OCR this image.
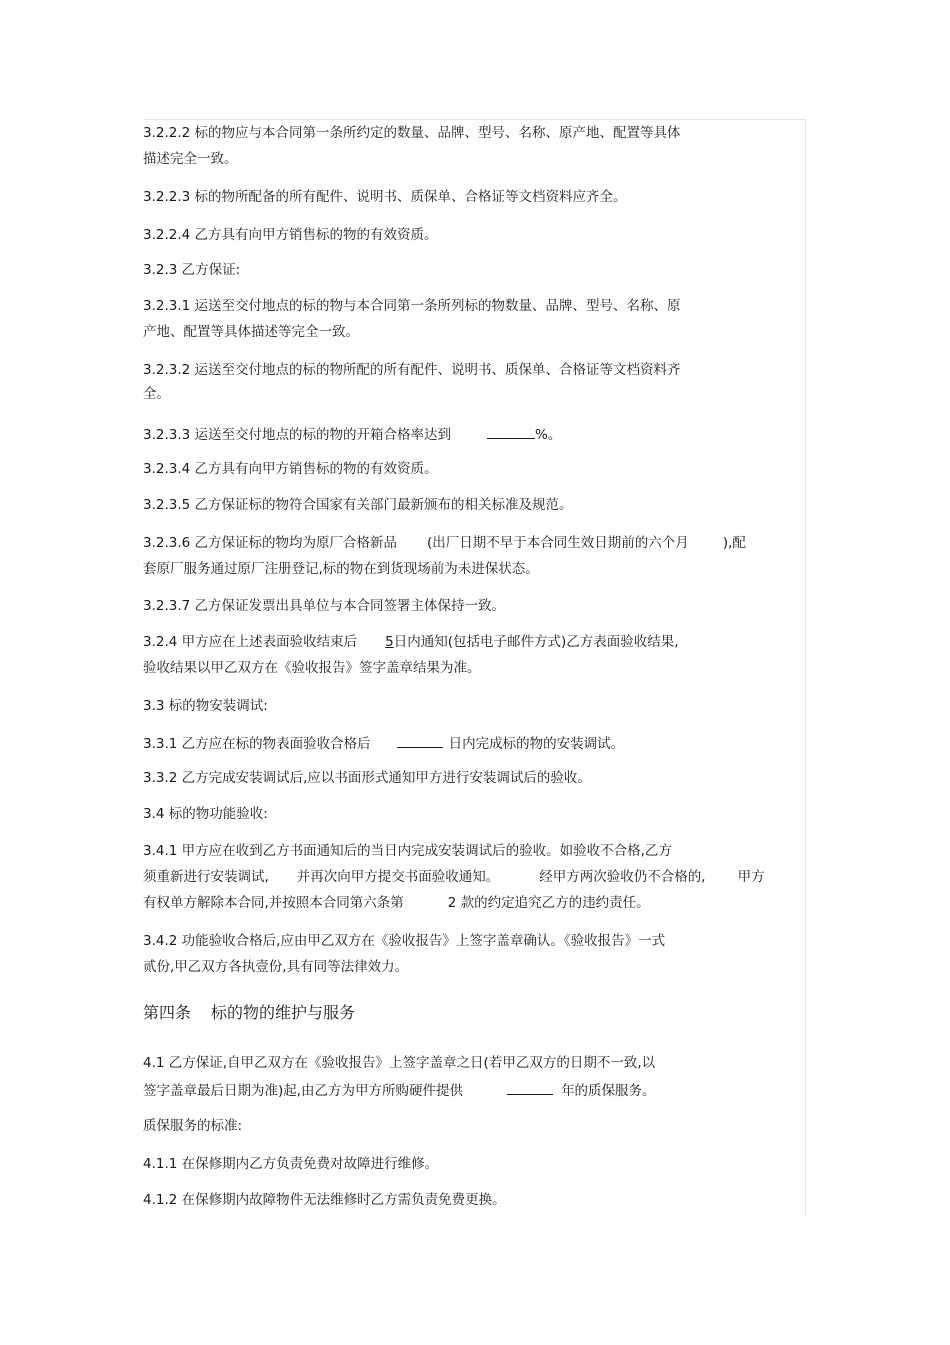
3.2.2.2 标的物应与本合同第一条所约定的数量、品牌、型号、名称、原产地、配置等具体
描述完全一致。
3.2.2.3 标的物所配备的所有配件、说明书、质保单、合格证等文档资料应齐全。
3.2.2.4 乙方具有向甲方销售标的物的有效资质。
3.2.3 乙方保证:
3.2.3.1 运送至交付地点的标的物与本合同第一条所列标的物数量、品牌、型号、名称、原
产地、配置等具体描述等完全一致。
3.2.3.2 运送至交付地点的标的物所配的所有配件、说明书、质保单、合格证等文档资料齐
全。
3.2.3.3 运送至交付地点的标的物的开箱合格率达到	%。
3.2.3.4 乙方具有向甲方销售标的物的有效资质。
3.2.3.5 乙方保证标的物符合国家有关部门最新颁布的相关标准及规范。
3.2.3.6 乙方保证标的物均为原厂合格新品 (出厂日期不早于本合同生效日期前的六个月	),配
套原厂服务通过原厂注册登记,标的物在到货现场前为未进保状态。
3.2.3.7 乙方保证发票出具单位与本合同签署主体保持一致。
3.2.4 甲方应在上述表面验收结束后 5日内通知(包括电子邮件方式)乙方表面验收结果,
验收结果以甲乙双方在《验收报告》签字盖章结果为准。
3.3 标的物安装调试:
3.3.1 乙方应在标的物表面验收合格后	日内完成标的物的安装调试。
3.3.2 乙方完成安装调试后,应以书面形式通知甲方进行安装调试后的验收。
3.4 标的物功能验收:
3.4.1 甲方应在收到乙方书面通知后的当日内完成安装调试后的验收。如验收不合格,乙方
须重新进行安装调试, 并再次向甲方提交书面验收通知。	经甲方两次验收仍不合格的, 甲方
有权单方解除本合同,并按照本合同第六条第	2 款的约定追究乙方的违约责任。
3.4.2 功能验收合格后,应由甲乙双方在《验收报告》上签字盖章确认。《验收报告》一式
贰份,甲乙双方各执壹份,具有同等法律效力。
第四条 标的物的维护与服务
4.1 乙方保证,自甲乙双方在《验收报告》上签字盖章之日(若甲乙双方的日期不一致,以
签字盖章最后日期为准)起,由乙方为甲方所购硬件提供	年的质保服务。
质保服务的标准:
4.1.1 在保修期内乙方负责免费对故障进行维修。
4.1.2 在保修期内故障物件无法维修时乙方需负责免费更换。
